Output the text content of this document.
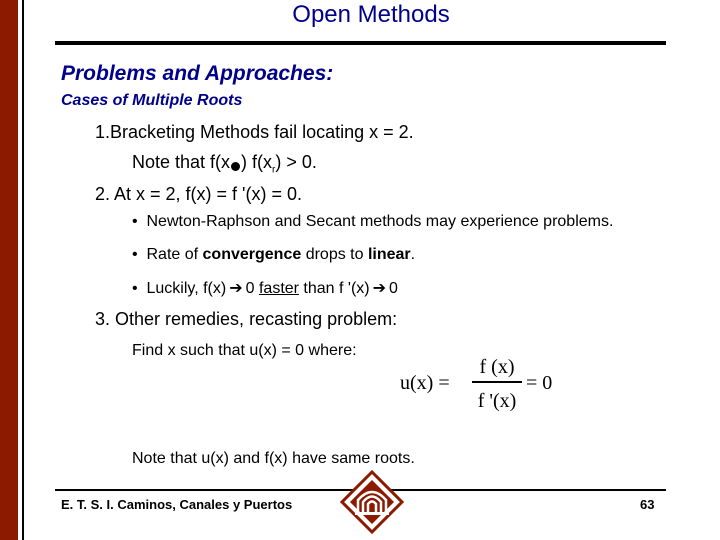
Open Methods
Problems and Approaches:
Cases of Multiple Roots
1.Bracketing Methods fail locating x = 2.
Note that f(x ) $f(x_r) > 0$.
2. At x = 2, f(x) = f '(x) = 0.
• Newton-Raphson and Secant methods may experience problems.
• Rate of convergence drops to linear.
• Luckily, f(x) ➔ 0 faster than f '(x) ➔ 0
3. Other remedies, recasting problem:
Find x such that u(x) = 0 where:
u(x) =
f (x)
f '(x)
= 0
Note that u(x) and f(x) have same roots.
E. T. S. I. Caminos, Canales y Puertos	63
